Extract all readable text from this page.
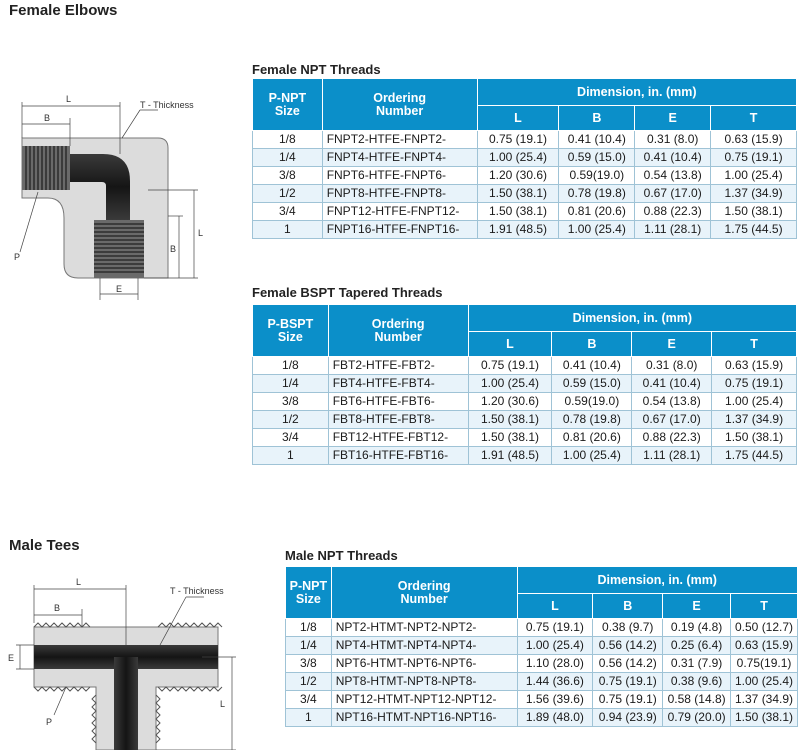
Female Elbows
Male Tees
L
B
T - Thickness
P
E
L
B
L
B
T - Thickness
E
P
L
Female NPT Threads
P-NPT
Size	Ordering
Number	Dimension, in. (mm)			
		L	B	E	T
1/8	FNPT2-HTFE-FNPT2-	0.75 (19.1)	0.41 (10.4)	0.31 (8.0)	0.63 (15.9)
1/4	FNPT4-HTFE-FNPT4-	1.00 (25.4)	0.59 (15.0)	0.41 (10.4)	0.75 (19.1)
3/8	FNPT6-HTFE-FNPT6-	1.20 (30.6)	0.59(19.0)	0.54 (13.8)	1.00 (25.4)
1/2	FNPT8-HTFE-FNPT8-	1.50 (38.1)	0.78 (19.8)	0.67 (17.0)	1.37 (34.9)
3/4	FNPT12-HTFE-FNPT12-	1.50 (38.1)	0.81 (20.6)	0.88 (22.3)	1.50 (38.1)
1	FNPT16-HTFE-FNPT16-	1.91 (48.5)	1.00 (25.4)	1.11 (28.1)	1.75 (44.5)
Female BSPT Tapered Threads
P-BSPT
Size	Ordering
Number	Dimension, in. (mm)			
		L	B	E	T
1/8	FBT2-HTFE-FBT2-	0.75 (19.1)	0.41 (10.4)	0.31 (8.0)	0.63 (15.9)
1/4	FBT4-HTFE-FBT4-	1.00 (25.4)	0.59 (15.0)	0.41 (10.4)	0.75 (19.1)
3/8	FBT6-HTFE-FBT6-	1.20 (30.6)	0.59(19.0)	0.54 (13.8)	1.00 (25.4)
1/2	FBT8-HTFE-FBT8-	1.50 (38.1)	0.78 (19.8)	0.67 (17.0)	1.37 (34.9)
3/4	FBT12-HTFE-FBT12-	1.50 (38.1)	0.81 (20.6)	0.88 (22.3)	1.50 (38.1)
1	FBT16-HTFE-FBT16-	1.91 (48.5)	1.00 (25.4)	1.11 (28.1)	1.75 (44.5)
Male NPT Threads
P-NPT
Size	Ordering
Number	Dimension, in. (mm)			
		L	B	E	T
1/8	NPT2-HTMT-NPT2-NPT2-	0.75 (19.1)	0.38 (9.7)	0.19 (4.8)	0.50 (12.7)
1/4	NPT4-HTMT-NPT4-NPT4-	1.00 (25.4)	0.56 (14.2)	0.25 (6.4)	0.63 (15.9)
3/8	NPT6-HTMT-NPT6-NPT6-	1.10 (28.0)	0.56 (14.2)	0.31 (7.9)	0.75(19.1)
1/2	NPT8-HTMT-NPT8-NPT8-	1.44 (36.6)	0.75 (19.1)	0.38 (9.6)	1.00 (25.4)
3/4	NPT12-HTMT-NPT12-NPT12-	1.56 (39.6)	0.75 (19.1)	0.58 (14.8)	1.37 (34.9)
1	NPT16-HTMT-NPT16-NPT16-	1.89 (48.0)	0.94 (23.9)	0.79 (20.0)	1.50 (38.1)
